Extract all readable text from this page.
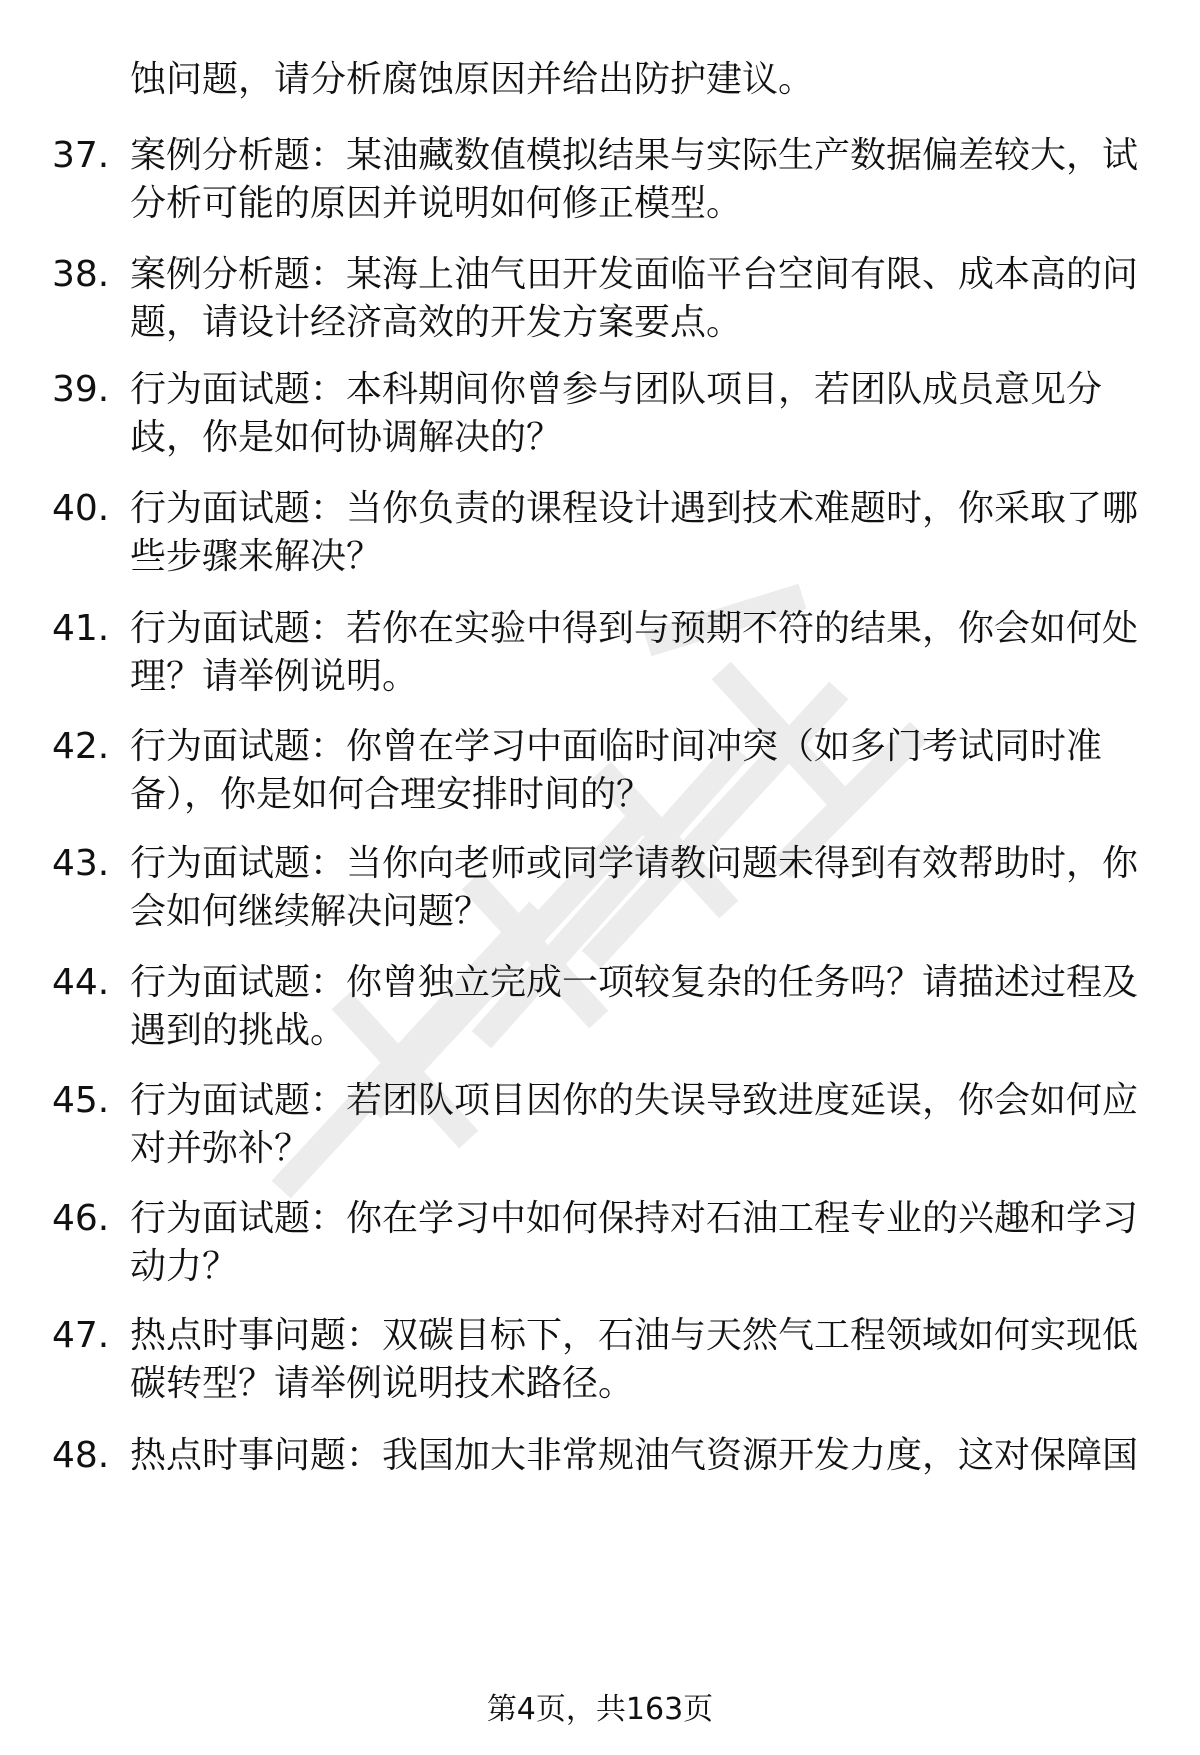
蚀问题，请分析腐蚀原因并给出防护建议。
37. 案例分析题：某油藏数值模拟结果与实际生产数据偏差较大，试
分析可能的原因并说明如何修正模型。
38. 案例分析题：某海上油气田开发面临平台空间有限、成本高的问
题，请设计经济高效的开发方案要点。
39. 行为面试题：本科期间你曾参与团队项目，若团队成员意见分
歧，你是如何协调解决的？
40. 行为面试题：当你负责的课程设计遇到技术难题时，你采取了哪
些步骤来解决？
41. 行为面试题：若你在实验中得到与预期不符的结果，你会如何处
理？请举例说明。
42. 行为面试题：你曾在学习中面临时间冲突（如多门考试同时准
备），你是如何合理安排时间的？
43. 行为面试题：当你向老师或同学请教问题未得到有效帮助时，你
会如何继续解决问题？
44. 行为面试题：你曾独立完成一项较复杂的任务吗？请描述过程及
遇到的挑战。
45. 行为面试题：若团队项目因你的失误导致进度延误，你会如何应
对并弥补？
46. 行为面试题：你在学习中如何保持对石油工程专业的兴趣和学习
动力？
47. 热点时事问题：双碳目标下，石油与天然气工程领域如何实现低
碳转型？请举例说明技术路径。
48. 热点时事问题：我国加大非常规油气资源开发力度，这对保障国
第4页，共163页
